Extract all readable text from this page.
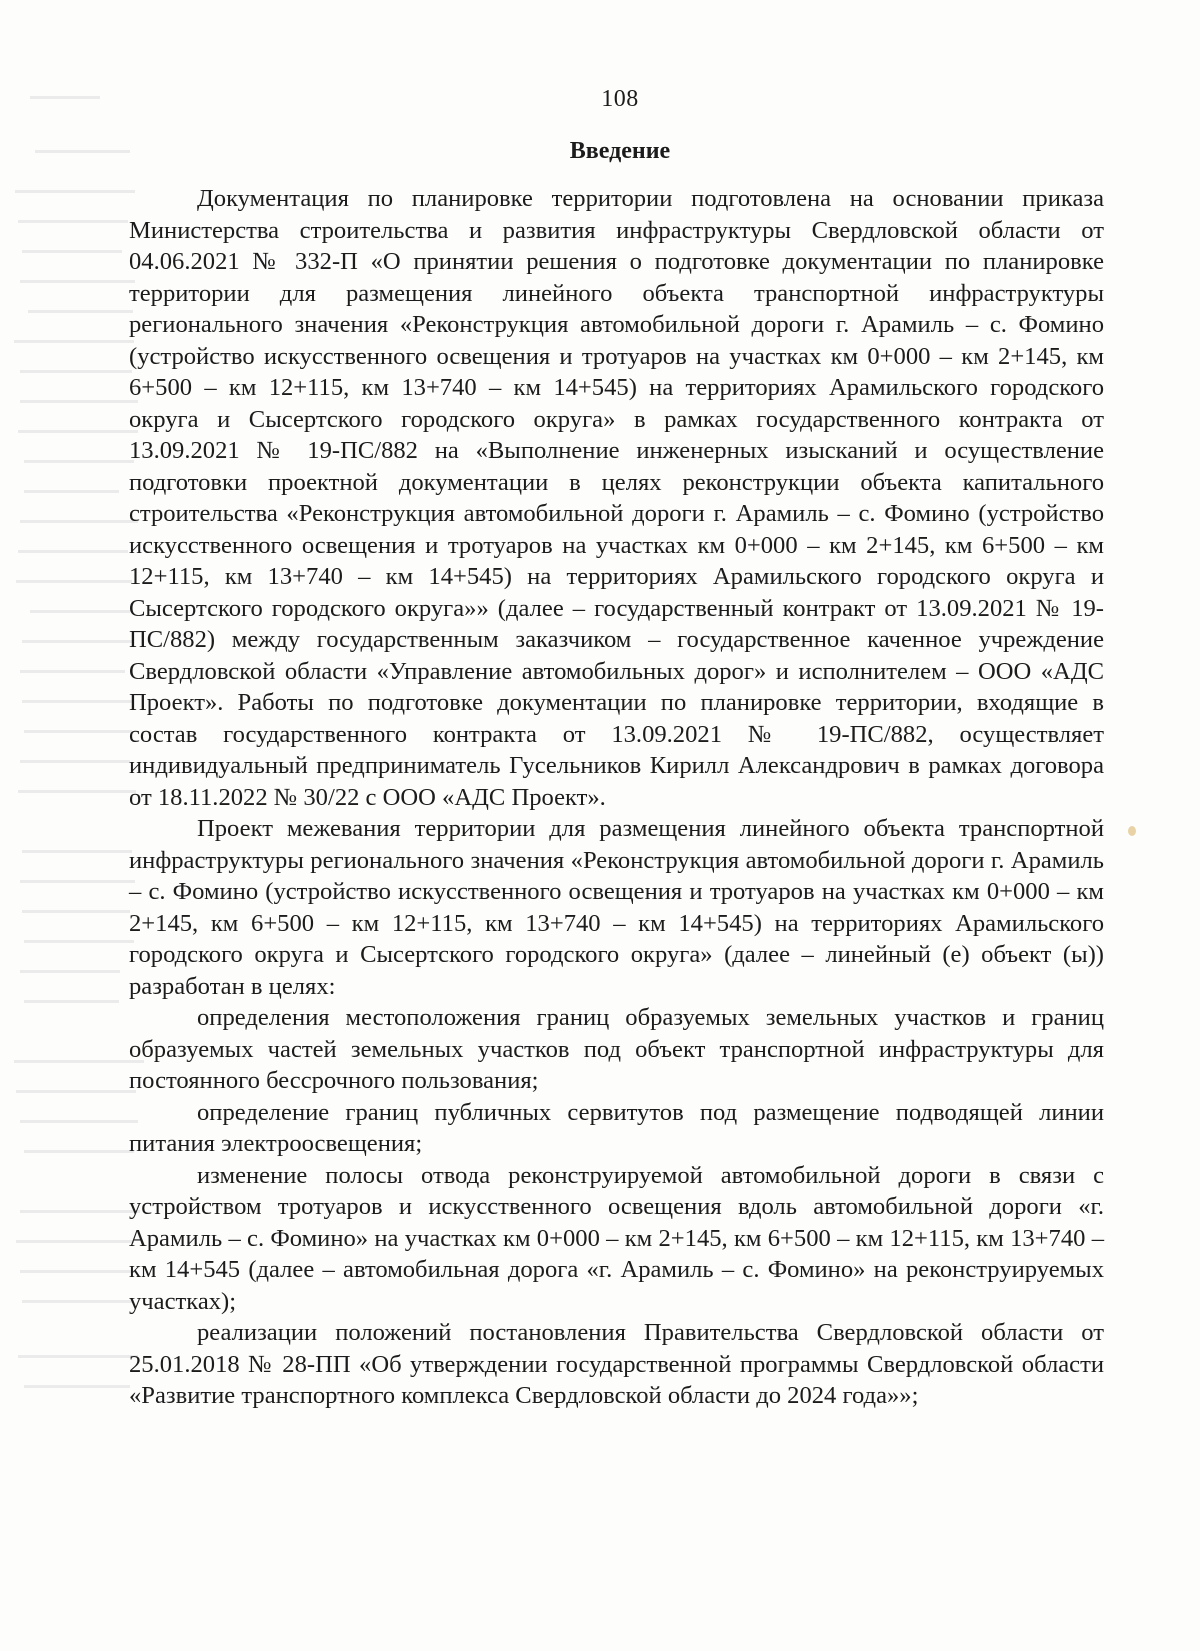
108
Введение

Документация по планировке территории подготовлена на основании приказа Министерства строительства и развития инфраструктуры Свердловской области от 04.06.2021 № 332-П «О принятии решения о подготовке документации по планировке территории для размещения линейного объекта транспортной инфраструктуры регионального значения «Реконструкция автомобильной дороги г. Арамиль – с. Фомино (устройство искусственного освещения и тротуаров на участках км 0+000 – км 2+145, км 6+500 – км 12+115, км 13+740 – км 14+545) на территориях Арамильского городского округа и Сысертского городского округа» в рамках государственного контракта от 13.09.2021 № 19-ПС/882 на «Выполнение инженерных изысканий и осуществление подготовки проектной документации в целях реконструкции объекта капитального строительства «Реконструкция автомобильной дороги г. Арамиль – с. Фомино (устройство искусственного освещения и тротуаров на участках км 0+000 – км 2+145, км 6+500 – км 12+115, км 13+740 – км 14+545) на территориях Арамильского городского округа и Сысертского городского округа»» (далее – государственный контракт от 13.09.2021 № 19-ПС/882) между государственным заказчиком – государственное каченное учреждение Свердловской области «Управление автомобильных дорог» и исполнителем – ООО «АДС Проект». Работы по подготовке документации по планировке территории, входящие в состав государственного контракта от 13.09.2021 № 19-ПС/882, осуществляет индивидуальный предприниматель Гусельников Кирилл Александрович в рамках договора от 18.11.2022 № 30/22 с ООО «АДС Проект».

Проект межевания территории для размещения линейного объекта транспортной инфраструктуры регионального значения «Реконструкция автомобильной дороги г. Арамиль – с. Фомино (устройство искусственного освещения и тротуаров на участках км 0+000 – км 2+145, км 6+500 – км 12+115, км 13+740 – км 14+545) на территориях Арамильского городского округа и Сысертского городского округа» (далее – линейный (е) объект (ы)) разработан в целях:

определения местоположения границ образуемых земельных участков и границ образуемых частей земельных участков под объект транспортной инфраструктуры для постоянного бессрочного пользования;

определение границ публичных сервитутов под размещение подводящей линии питания электроосвещения;

изменение полосы отвода реконструируемой автомобильной дороги в связи с устройством тротуаров и искусственного освещения вдоль автомобильной дороги «г. Арамиль – с. Фомино» на участках км 0+000 – км 2+145, км 6+500 – км 12+115, км 13+740 – км 14+545 (далее – автомобильная дорога «г. Арамиль – с. Фомино» на реконструируемых участках);

реализации положений постановления Правительства Свердловской области от 25.01.2018 № 28-ПП «Об утверждении государственной программы Свердловской области «Развитие транспортного комплекса Свердловской области до 2024 года»»;
